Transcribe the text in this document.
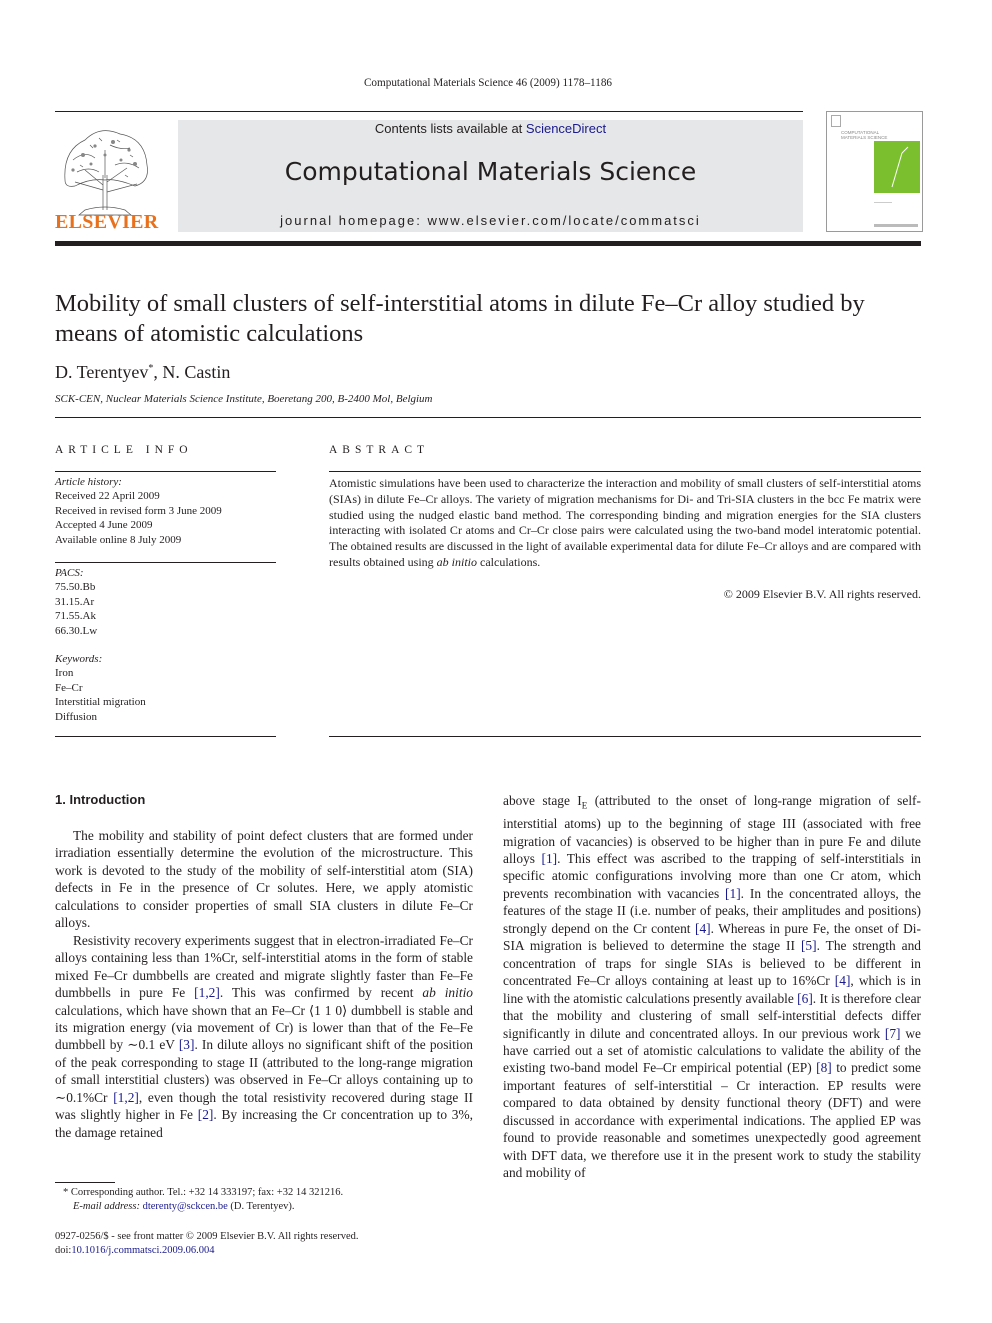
Computational Materials Science 46 (2009) 1178–1186
ELSEVIER
Contents lists available at ScienceDirect
Computational Materials Science
journal homepage: www.elsevier.com/locate/commatsci
COMPUTATIONAL MATERIALS SCIENCE
Mobility of small clusters of self-interstitial atoms in dilute Fe–Cr alloy studied by means of atomistic calculations
D. Terentyev*, N. Castin
SCK-CEN, Nuclear Materials Science Institute, Boeretang 200, B-2400 Mol, Belgium
ARTICLE INFO
Article history:
Received 22 April 2009
Received in revised form 3 June 2009
Accepted 4 June 2009
Available online 8 July 2009
PACS:
75.50.Bb
31.15.Ar
71.55.Ak
66.30.Lw
Keywords:
Iron
Fe–Cr
Interstitial migration
Diffusion
ABSTRACT
Atomistic simulations have been used to characterize the interaction and mobility of small clusters of self-interstitial atoms (SIAs) in dilute Fe–Cr alloys. The variety of migration mechanisms for Di- and Tri-SIA clusters in the bcc Fe matrix were studied using the nudged elastic band method. The corresponding binding and migration energies for the SIA clusters interacting with isolated Cr atoms and Cr–Cr close pairs were calculated using the two-band model interatomic potential. The obtained results are discussed in the light of available experimental data for dilute Fe–Cr alloys and are compared with results obtained using ab initio calculations.
© 2009 Elsevier B.V. All rights reserved.
1. Introduction

The mobility and stability of point defect clusters that are formed under irradiation essentially determine the evolution of the microstructure. This work is devoted to the study of the mobility of self-interstitial atom (SIA) defects in Fe in the presence of Cr solutes. Here, we apply atomistic calculations to consider properties of small SIA clusters in dilute Fe–Cr alloys.

Resistivity recovery experiments suggest that in electron-irradiated Fe–Cr alloys containing less than 1%Cr, self-interstitial atoms in the form of stable mixed Fe–Cr dumbbells are created and migrate slightly faster than Fe–Fe dumbbells in pure Fe [1,2]. This was confirmed by recent ab initio calculations, which have shown that an Fe–Cr ⟨1 1 0⟩ dumbbell is stable and its migration energy (via movement of Cr) is lower than that of the Fe–Fe dumbbell by ∼0.1 eV [3]. In dilute alloys no significant shift of the position of the peak corresponding to stage II (attributed to the long-range migration of small interstitial clusters) was observed in Fe–Cr alloys containing up to ∼0.1%Cr [1,2], even though the total resistivity recovered during stage II was slightly higher in Fe [2]. By increasing the Cr concentration up to 3%, the damage retained

above stage $I_E$ (attributed to the onset of long-range migration of self-interstitial atoms) up to the beginning of stage III (associated with free migration of vacancies) is observed to be higher than in pure Fe and dilute alloys [1]. This effect was ascribed to the trapping of self-interstitials in specific atomic configurations involving more than one Cr atom, which prevents recombination with vacancies [1]. In the concentrated alloys, the features of the stage II (i.e. number of peaks, their amplitudes and positions) strongly depend on the Cr content [4]. Whereas in pure Fe, the onset of Di-SIA migration is believed to determine the stage II [5]. The strength and concentration of traps for single SIAs is believed to be different in concentrated Fe–Cr alloys containing at least up to 16%Cr [4], which is in line with the atomistic calculations presently available [6]. It is therefore clear that the mobility and clustering of small self-interstitial defects differ significantly in dilute and concentrated alloys. In our previous work [7] we have carried out a set of atomistic calculations to validate the ability of the existing two-band model Fe–Cr empirical potential (EP) [8] to predict some important features of self-interstitial – Cr interaction. EP results were compared to data obtained by density functional theory (DFT) and were discussed in accordance with experimental indications. The applied EP was found to provide reasonable and sometimes unexpectedly good agreement with DFT data, we therefore use it in the present work to study the stability and mobility of

* Corresponding author. Tel.: +32 14 333197; fax: +32 14 321216.
E-mail address: dterenty@sckcen.be (D. Terentyev).
0927-0256/$ - see front matter © 2009 Elsevier B.V. All rights reserved.
doi:10.1016/j.commatsci.2009.06.004
